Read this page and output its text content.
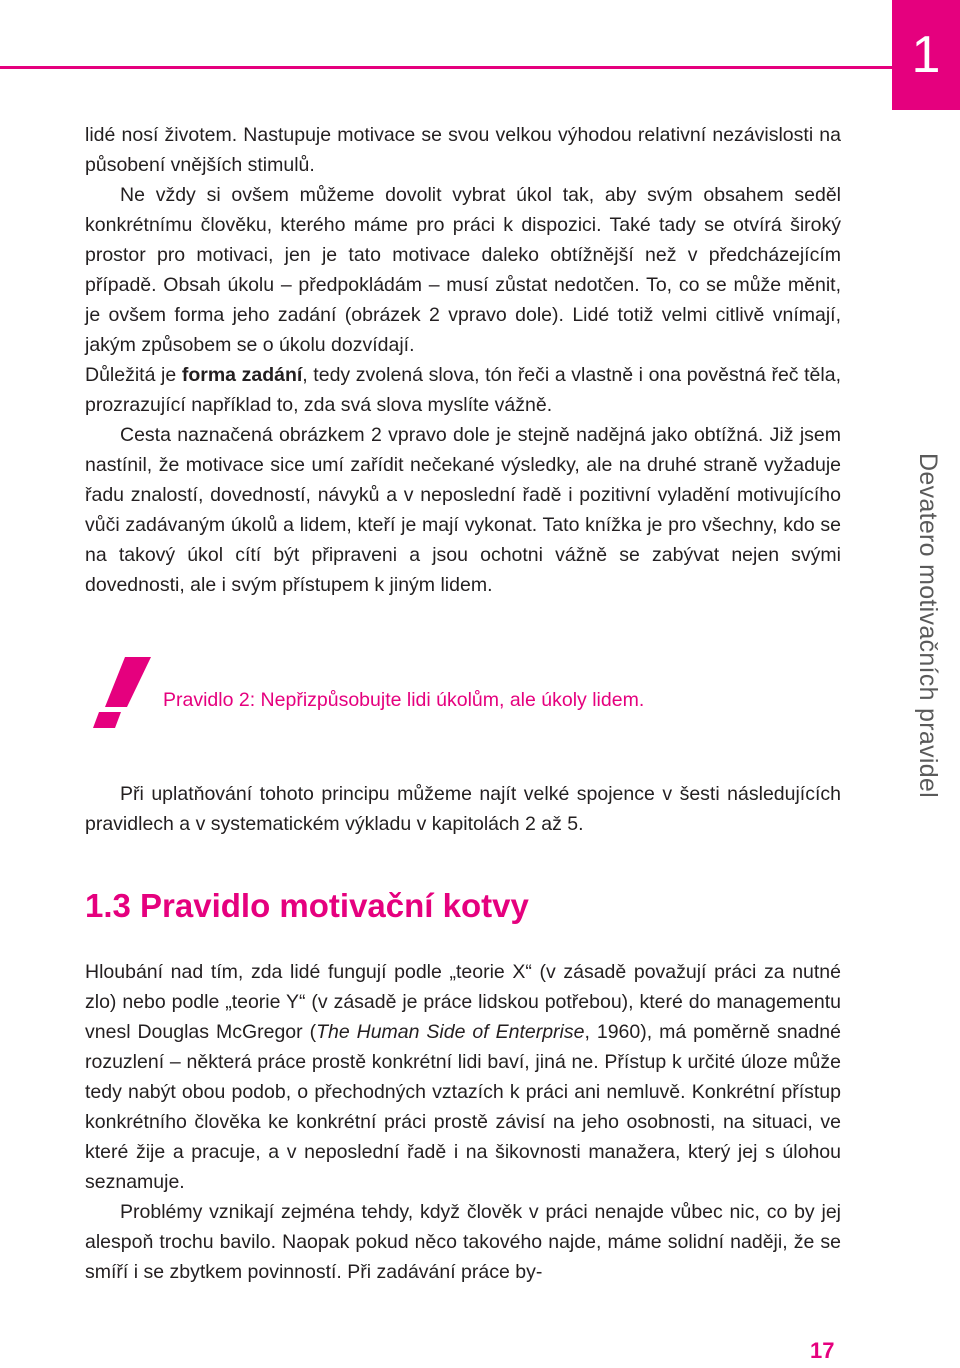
1
Devatero motivačních pravidel

lidé nosí životem. Nastupuje motivace se svou velkou výhodou relativní nezávislosti na působení vnějších stimulů.

Ne vždy si ovšem můžeme dovolit vybrat úkol tak, aby svým obsahem seděl konkrétnímu člověku, kterého máme pro práci k dispozici. Také tady se otvírá široký prostor pro motivaci, jen je tato motivace daleko obtížnější než v předcházejícím případě. Obsah úkolu – předpokládám – musí zůstat nedotčen. To, co se může měnit, je ovšem forma jeho zadání (obrázek 2 vpravo dole). Lidé totiž velmi citlivě vnímají, jakým způsobem se o úkolu dozvídají.

Důležitá je forma zadání, tedy zvolená slova, tón řeči a vlastně i ona pověstná řeč těla, prozrazující například to, zda svá slova myslíte vážně.

Cesta naznačená obrázkem 2 vpravo dole je stejně nadějná jako obtížná. Již jsem nastínil, že motivace sice umí zařídit nečekané výsledky, ale na druhé straně vyžaduje řadu znalostí, dovedností, návyků a v neposlední řadě i pozitivní vyladění motivujícího vůči zadávaným úkolů a lidem, kteří je mají vykonat. Tato knížka je pro všechny, kdo se na takový úkol cítí být připraveni a jsou ochotni vážně se zabývat nejen svými dovednosti, ale i svým přístupem k jiným lidem.

Pravidlo 2: Nepřizpůsobujte lidi úkolům, ale úkoly lidem.

Při uplatňování tohoto principu můžeme najít velké spojence v šesti následujících pravidlech a v systematickém výkladu v kapitolách 2 až 5.

1.3 Pravidlo motivační kotvy

Hloubání nad tím, zda lidé fungují podle „teorie X“ (v zásadě považují práci za nutné zlo) nebo podle „teorie Y“ (v zásadě je práce lidskou potřebou), které do managementu vnesl Douglas McGregor (The Human Side of Enterprise, 1960), má poměrně snadné rozuzlení – některá práce prostě konkrétní lidi baví, jiná ne. Přístup k určité úloze může tedy nabýt obou podob, o přechodných vztazích k práci ani nemluvě. Konkrétní přístup konkrétního člověka ke konkrétní práci prostě závisí na jeho osobnosti, na situaci, ve které žije a pracuje, a v neposlední řadě i na šikovnosti manažera, který jej s úlohou seznamuje.

Problémy vznikají zejména tehdy, když člověk v práci nenajde vůbec nic, co by jej alespoň trochu bavilo. Naopak pokud něco takového najde, máme solidní naději, že se smíří i se zbytkem povinností. Při zadávání práce by-

17
